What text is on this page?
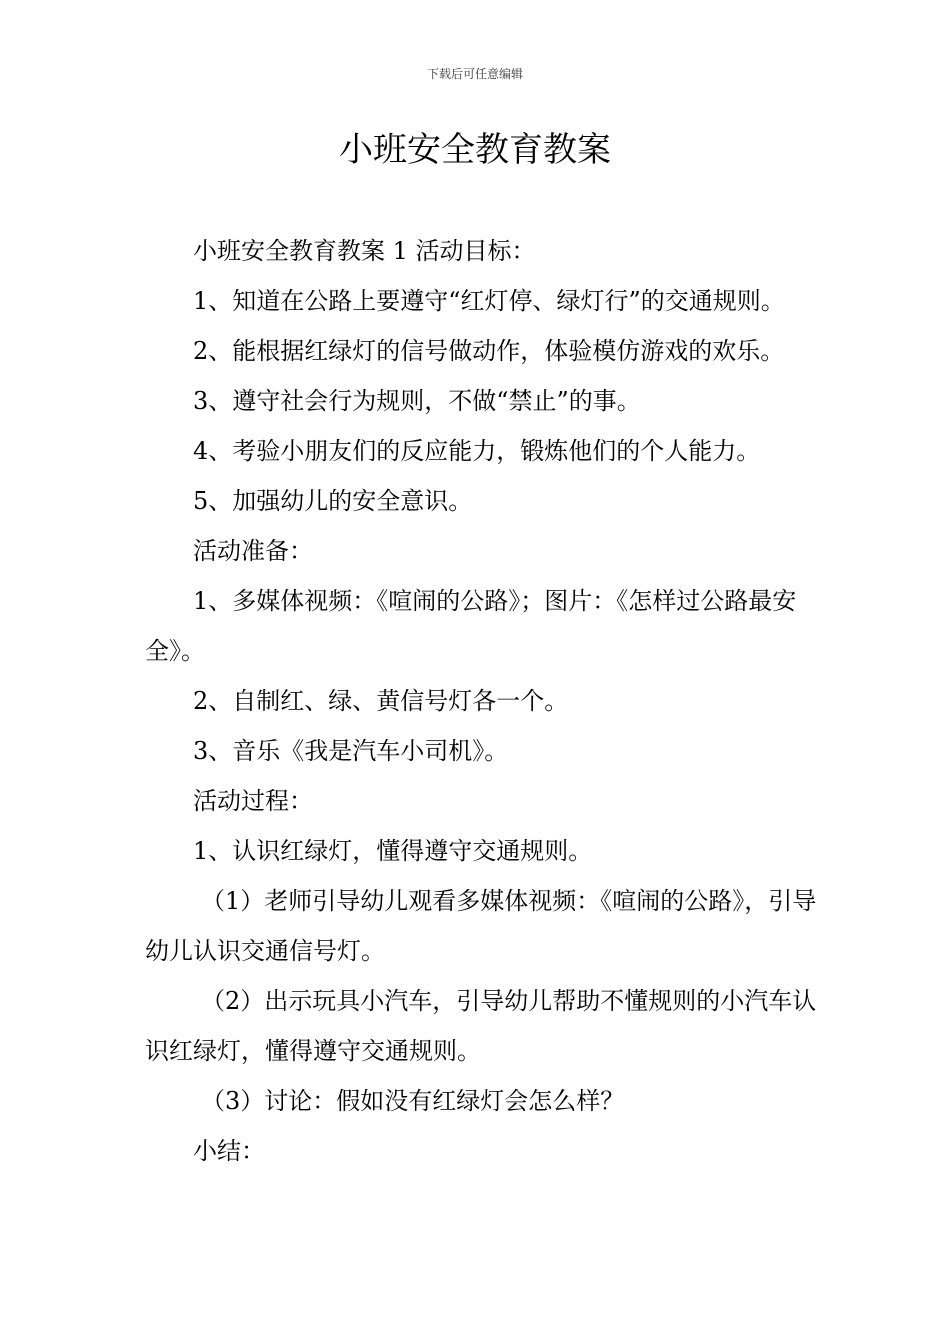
下载后可任意编辑
小班安全教育教案

小班安全教育教案 1 活动目标：

1、知道在公路上要遵守“红灯停、绿灯行”的交通规则。

2、能根据红绿灯的信号做动作，体验模仿游戏的欢乐。

3、遵守社会行为规则，不做“禁止”的事。

4、考验小朋友们的反应能力，锻炼他们的个人能力。

5、加强幼儿的安全意识。

活动准备：

1、多媒体视频：《喧闹的公路》；图片：《怎样过公路最安全》。

2、自制红、绿、黄信号灯各一个。

3、音乐《我是汽车小司机》。

活动过程：

1、认识红绿灯，懂得遵守交通规则。

（1）老师引导幼儿观看多媒体视频：《喧闹的公路》，引导幼儿认识交通信号灯。

（2）出示玩具小汽车，引导幼儿帮助不懂规则的小汽车认识红绿灯，懂得遵守交通规则。

（3）讨论：假如没有红绿灯会怎么样？

小结：
